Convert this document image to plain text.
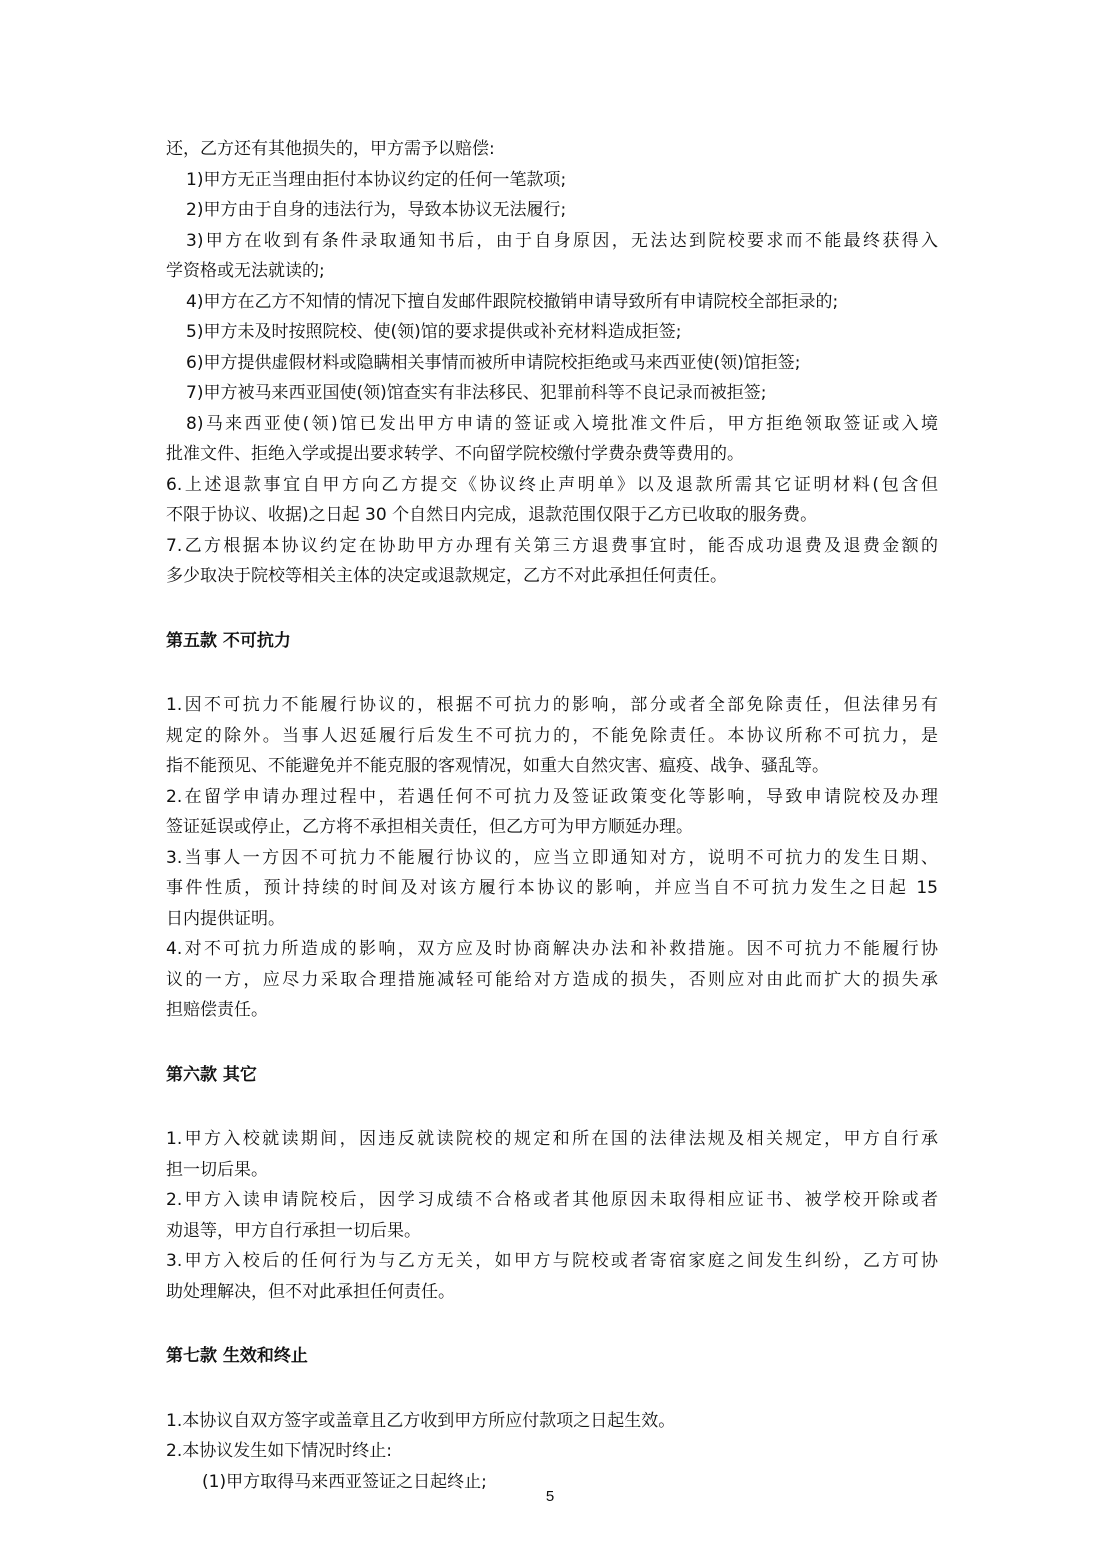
还，乙方还有其他损失的，甲方需予以赔偿:
1)甲方无正当理由拒付本协议约定的任何一笔款项;
2)甲方由于自身的违法行为，导致本协议无法履行;
3)甲方在收到有条件录取通知书后，由于自身原因，无法达到院校要求而不能最终获得入
学资格或无法就读的;
4)甲方在乙方不知情的情况下擅自发邮件跟院校撤销申请导致所有申请院校全部拒录的;
5)甲方未及时按照院校、使(领)馆的要求提供或补充材料造成拒签;
6)甲方提供虚假材料或隐瞒相关事情而被所申请院校拒绝或马来西亚使(领)馆拒签;
7)甲方被马来西亚国使(领)馆查实有非法移民、犯罪前科等不良记录而被拒签;
8)马来西亚使(领)馆已发出甲方申请的签证或入境批准文件后，甲方拒绝领取签证或入境
批准文件、拒绝入学或提出要求转学、不向留学院校缴付学费杂费等费用的。
6.上述退款事宜自甲方向乙方提交《协议终止声明单》以及退款所需其它证明材料(包含但
不限于协议、收据)之日起 30 个自然日内完成，退款范围仅限于乙方已收取的服务费。
7.乙方根据本协议约定在协助甲方办理有关第三方退费事宜时，能否成功退费及退费金额的
多少取决于院校等相关主体的决定或退款规定，乙方不对此承担任何责任。
第五款 不可抗力
1.因不可抗力不能履行协议的，根据不可抗力的影响，部分或者全部免除责任，但法律另有
规定的除外。当事人迟延履行后发生不可抗力的，不能免除责任。本协议所称不可抗力，是
指不能预见、不能避免并不能克服的客观情况，如重大自然灾害、瘟疫、战争、骚乱等。
2.在留学申请办理过程中，若遇任何不可抗力及签证政策变化等影响，导致申请院校及办理
签证延误或停止，乙方将不承担相关责任，但乙方可为甲方顺延办理。
3.当事人一方因不可抗力不能履行协议的，应当立即通知对方，说明不可抗力的发生日期、
事件性质，预计持续的时间及对该方履行本协议的影响，并应当自不可抗力发生之日起 15
日内提供证明。
4.对不可抗力所造成的影响，双方应及时协商解决办法和补救措施。因不可抗力不能履行协
议的一方，应尽力采取合理措施减轻可能给对方造成的损失，否则应对由此而扩大的损失承
担赔偿责任。
第六款 其它
1.甲方入校就读期间，因违反就读院校的规定和所在国的法律法规及相关规定，甲方自行承
担一切后果。
2.甲方入读申请院校后，因学习成绩不合格或者其他原因未取得相应证书、被学校开除或者
劝退等，甲方自行承担一切后果。
3.甲方入校后的任何行为与乙方无关，如甲方与院校或者寄宿家庭之间发生纠纷，乙方可协
助处理解决，但不对此承担任何责任。
第七款 生效和终止
1.本协议自双方签字或盖章且乙方收到甲方所应付款项之日起生效。
2.本协议发生如下情况时终止:
(1)甲方取得马来西亚签证之日起终止;
5
